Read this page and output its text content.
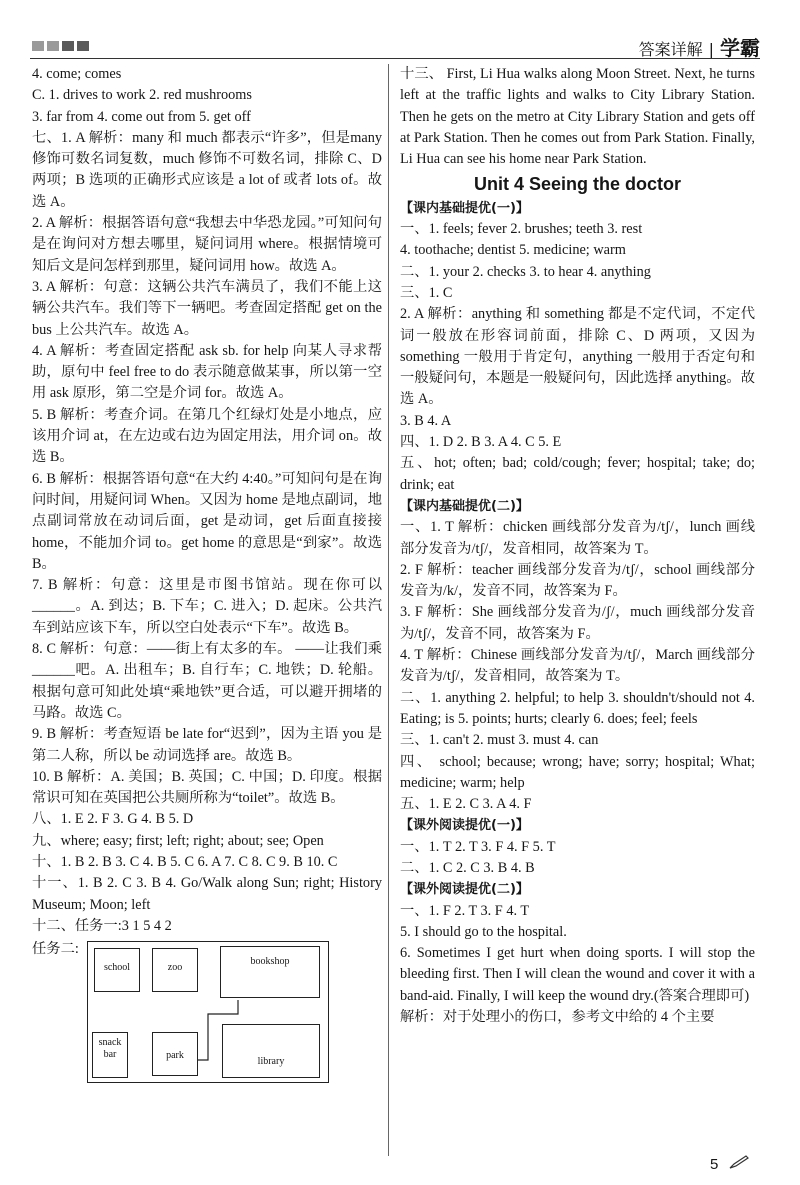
答案详解 | 学霸

4. come; comes

C. 1. drives to work 2. red mushrooms

3. far from 4. come out from 5. get off

七、1. A 解析：many 和 much 都表示“许多”，但是many 修饰可数名词复数，much 修饰不可数名词，排除 C、D 两项；B 选项的正确形式应该是 a lot of 或者 lots of。故选 A。

2. A 解析：根据答语句意“我想去中华恐龙园。”可知问句是在询问对方想去哪里，疑问词用 where。根据情境可知后文是问怎样到那里，疑问词用 how。故选 A。

3. A 解析：句意：这辆公共汽车满员了，我们不能上这辆公共汽车。我们等下一辆吧。考查固定搭配 get on the bus 上公共汽车。故选 A。

4. A 解析：考查固定搭配 ask sb. for help 向某人寻求帮助，原句中 feel free to do 表示随意做某事，所以第一空用 ask 原形，第二空是介词 for。故选 A。

5. B 解析：考查介词。在第几个红绿灯处是小地点，应该用介词 at，在左边或右边为固定用法，用介词 on。故选 B。

6. B 解析：根据答语句意“在大约 4:40。”可知问句是在询问时间，用疑问词 When。又因为 home 是地点副词，地点副词常放在动词后面，get 是动词，get 后面直接接 home，不能加介词 to。get home 的意思是“到家”。故选 B。

7. B 解析：句意：这里是市图书馆站。现在你可以______。A. 到达；B. 下车；C. 进入；D. 起床。公共汽车到站应该下车，所以空白处表示“下车”。故选 B。

8. C 解析：句意：——街上有太多的车。 ——让我们乘______吧。A. 出租车；B. 自行车；C. 地铁；D. 轮船。根据句意可知此处填“乘地铁”更合适，可以避开拥堵的马路。故选 C。

9. B 解析：考查短语 be late for“迟到”，因为主语 you 是第二人称，所以 be 动词选择 are。故选 B。

10. B 解析：A. 美国；B. 英国；C. 中国；D. 印度。根据常识可知在英国把公共厕所称为“toilet”。故选 B。

八、1. E 2. F 3. G 4. B 5. D

九、where; easy; first; left; right; about; see; Open

十、1. B 2. B 3. C 4. B 5. C 6. A 7. C 8. C 9. B 10. C

十一、1. B 2. C 3. B 4. Go/Walk along Sun; right; History Museum; Moon; left

十二、任务一:3 1 5 4 2

任务二:
school	zoo
bookshop
snack bar	park
library

十三、 First, Li Hua walks along Moon Street. Next, he turns left at the traffic lights and walks to City Library Station. Then he gets on the metro at City Library Station and gets off at Park Station. Then he comes out from Park Station. Finally, Li Hua can see his home near Park Station.

Unit 4 Seeing the doctor

【课内基础提优(一)】

一、1. feels; fever 2. brushes; teeth 3. rest

4. toothache; dentist 5. medicine; warm

二、1. your 2. checks 3. to hear 4. anything

三、1. C

2. A 解析：anything 和 something 都是不定代词，不定代词一般放在形容词前面，排除 C、D 两项，又因为 something 一般用于肯定句，anything 一般用于否定句和一般疑问句，本题是一般疑问句，因此选择 anything。故选 A。

3. B 4. A

四、1. D 2. B 3. A 4. C 5. E

五、hot; often; bad; cold/cough; fever; hospital; take; do; drink; eat

【课内基础提优(二)】

一、1. T 解析：chicken 画线部分发音为/tʃ/，lunch 画线部分发音为/tʃ/，发音相同，故答案为 T。

2. F 解析：teacher 画线部分发音为/tʃ/，school 画线部分发音为/k/，发音不同，故答案为 F。

3. F 解析：She 画线部分发音为/ʃ/，much 画线部分发音为/tʃ/，发音不同，故答案为 F。

4. T 解析：Chinese 画线部分发音为/tʃ/，March 画线部分发音为/tʃ/，发音相同，故答案为 T。

二、1. anything 2. helpful; to help 3. shouldn't/should not 4. Eating; is 5. points; hurts; clearly 6. does; feel; feels

三、1. can't 2. must 3. must 4. can

四、 school; because; wrong; have; sorry; hospital; What; medicine; warm; help

五、1. E 2. C 3. A 4. F

【课外阅读提优(一)】

一、1. T 2. T 3. F 4. F 5. T

二、1. C 2. C 3. B 4. B

【课外阅读提优(二)】

一、1. F 2. T 3. F 4. T

5. I should go to the hospital.

6. Sometimes I get hurt when doing sports. I will stop the bleeding first. Then I will clean the wound and cover it with a band-aid. Finally, I will keep the wound dry.(答案合理即可)

解析：对于处理小的伤口，参考文中给的 4 个主要

5
